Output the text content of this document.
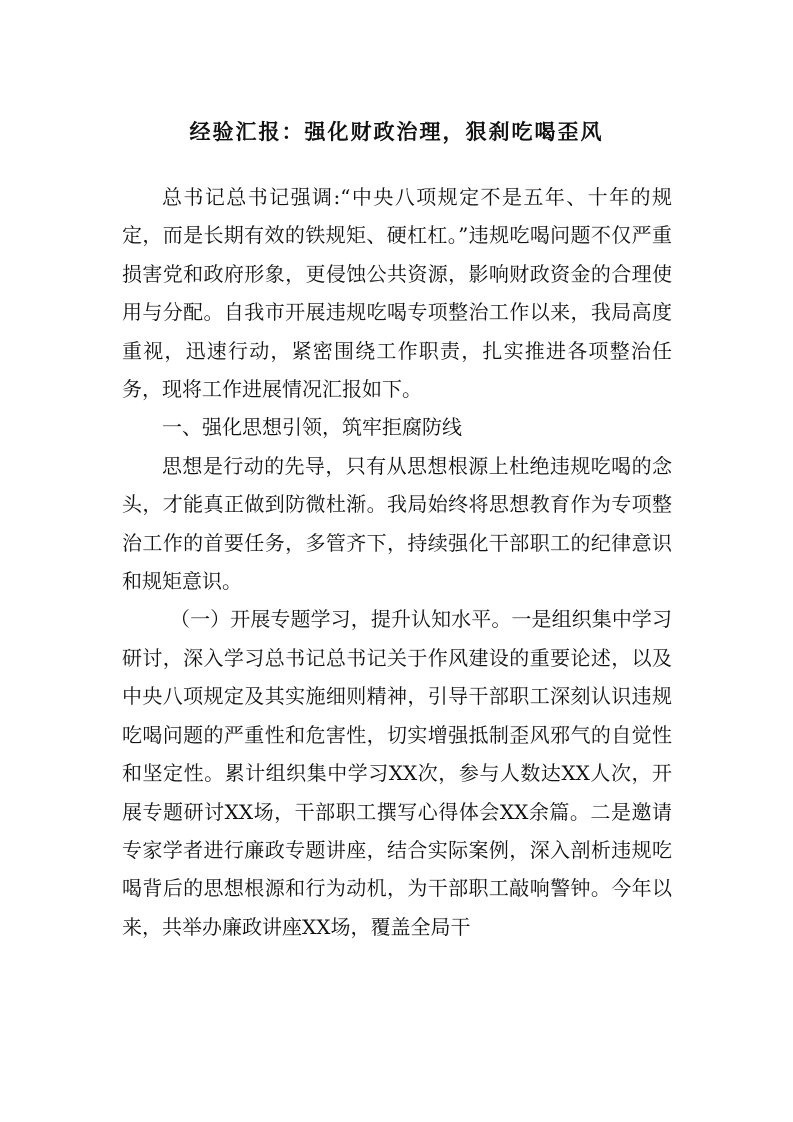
经验汇报：强化财政治理，狠刹吃喝歪风

总书记总书记强调:“中央八项规定不是五年、十年的规定，而是长期有效的铁规矩、硬杠杠。”违规吃喝问题不仅严重损害党和政府形象，更侵蚀公共资源，影响财政资金的合理使用与分配。自我市开展违规吃喝专项整治工作以来，我局高度重视，迅速行动，紧密围绕工作职责，扎实推进各项整治任务，现将工作进展情况汇报如下。

一、强化思想引领，筑牢拒腐防线

思想是行动的先导，只有从思想根源上杜绝违规吃喝的念头，才能真正做到防微杜渐。我局始终将思想教育作为专项整治工作的首要任务，多管齐下，持续强化干部职工的纪律意识和规矩意识。

（一）开展专题学习，提升认知水平。一是组织集中学习研讨，深入学习总书记总书记关于作风建设的重要论述，以及中央八项规定及其实施细则精神，引导干部职工深刻认识违规吃喝问题的严重性和危害性，切实增强抵制歪风邪气的自觉性和坚定性。累计组织集中学习XX次，参与人数达XX人次，开展专题研讨XX场，干部职工撰写心得体会XX余篇。二是邀请专家学者进行廉政专题讲座，结合实际案例，深入剖析违规吃喝背后的思想根源和行为动机，为干部职工敲响警钟。今年以来，共举办廉政讲座XX场，覆盖全局干
